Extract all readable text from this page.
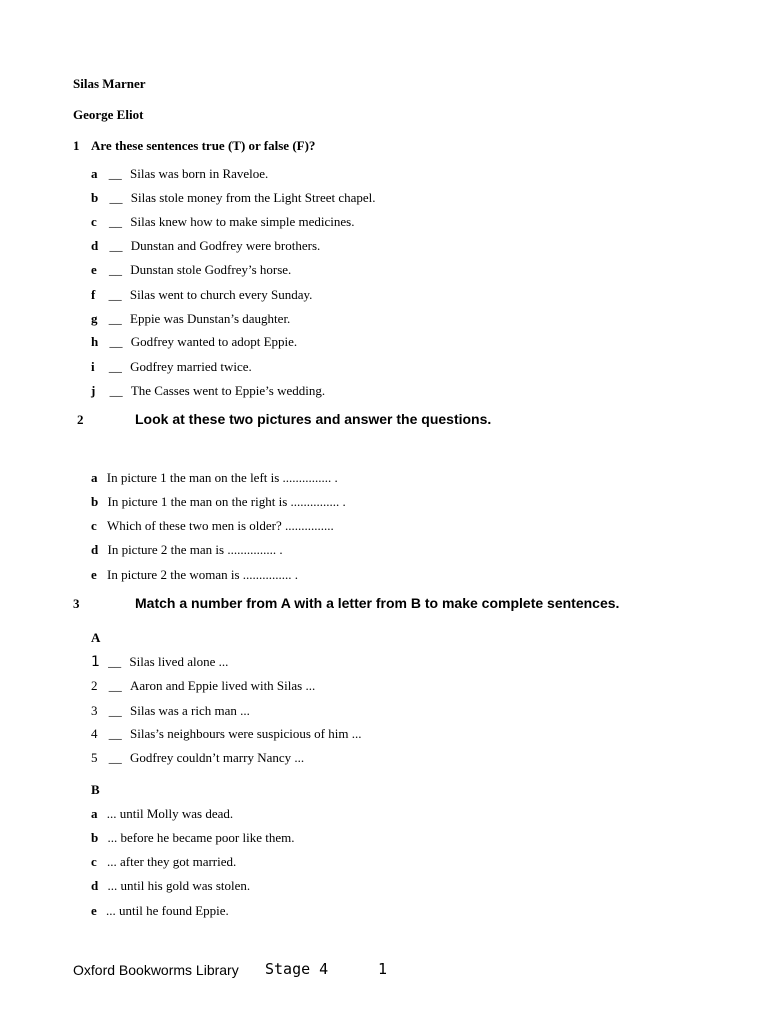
Silas Marner
George Eliot
1 Are these sentences true (T) or false (F)?
a __ Silas was born in Raveloe.
b __ Silas stole money from the Light Street chapel.
c __ Silas knew how to make simple medicines.
d __ Dunstan and Godfrey were brothers.
e __ Dunstan stole Godfrey’s horse.
f __ Silas went to church every Sunday.
g __ Eppie was Dunstan’s daughter.
h __ Godfrey wanted to adopt Eppie.
i __ Godfrey married twice.
j __ The Casses went to Eppie’s wedding.
2	Look at these two pictures and answer the questions.
a In picture 1 the man on the left is ............... .
b In picture 1 the man on the right is ............... .
c Which of these two men is older? ...............
d In picture 2 the man is ............... .
e In picture 2 the woman is ............... .
3	Match a number from A with a letter from B to make complete sentences.
A
1 __ Silas lived alone ...
2 __ Aaron and Eppie lived with Silas ...
3 __ Silas was a rich man ...
4 __ Silas’s neighbours were suspicious of him ...
5 __ Godfrey couldn’t marry Nancy ...
B
a ... until Molly was dead.
b ... before he became poor like them.
c ... after they got married.
d ... until his gold was stolen.
e ... until he found Eppie.
Oxford Bookworms Library Stage 4	1
